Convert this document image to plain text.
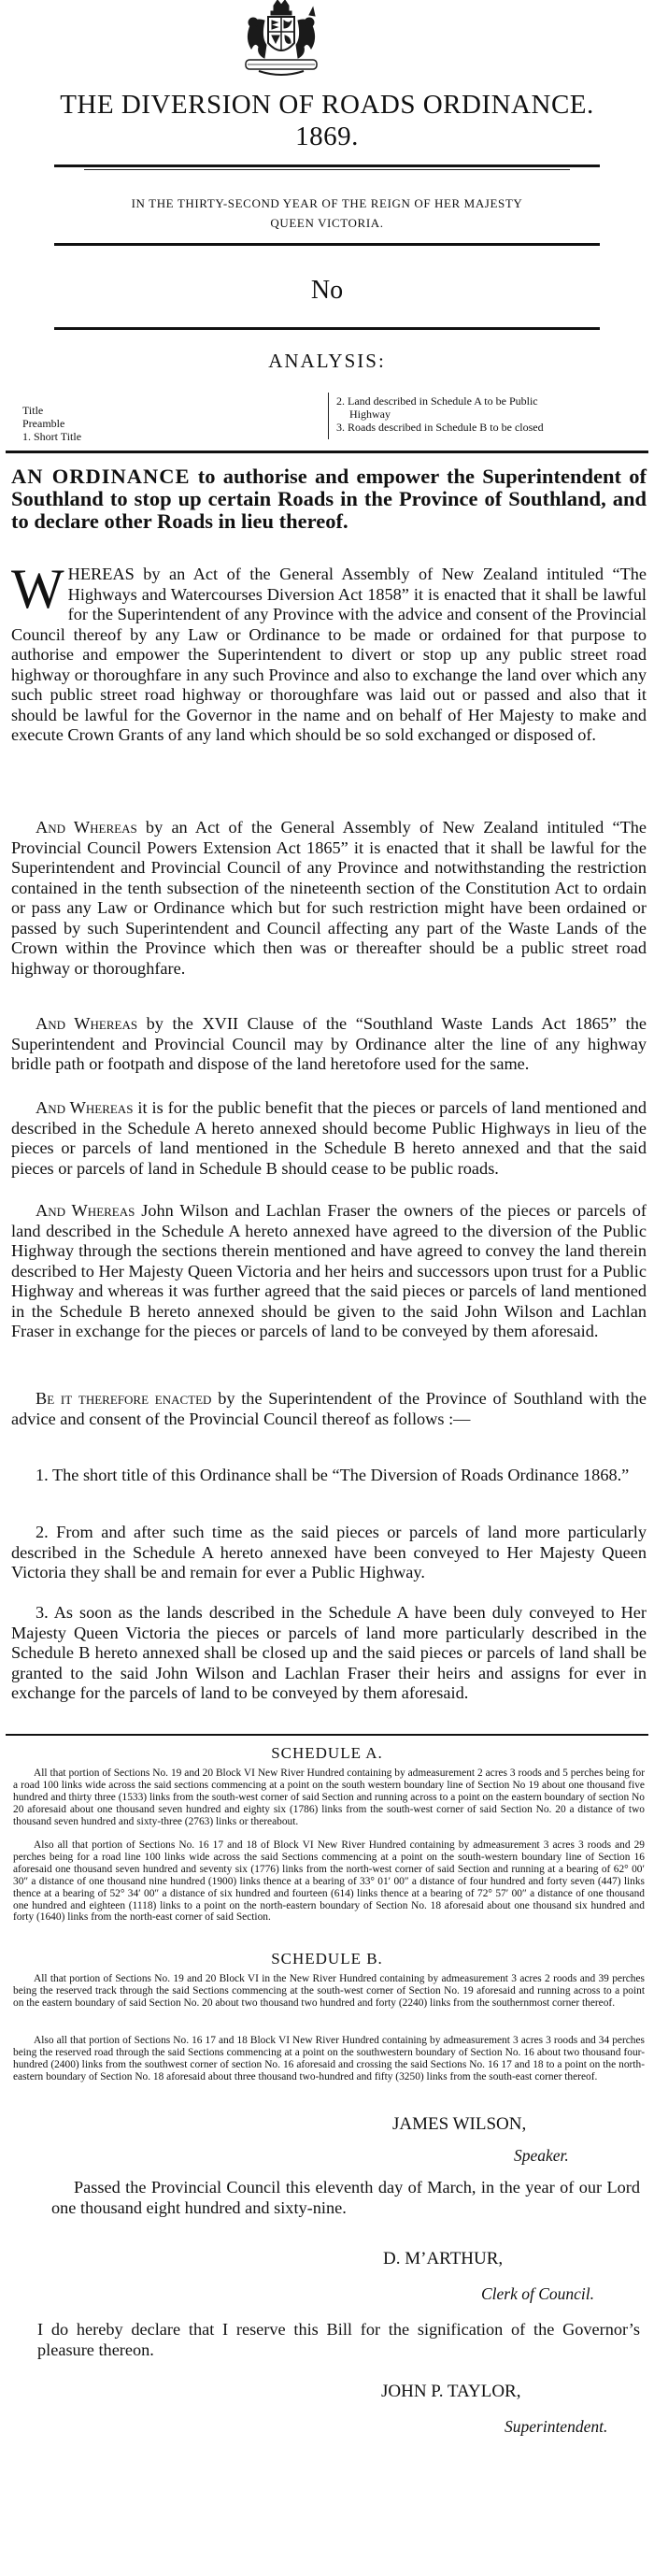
THE DIVERSION OF ROADS ORDINANCE.
1869.
IN THE THIRTY-SECOND YEAR OF THE REIGN OF HER MAJESTY
QUEEN VICTORIA.
No
ANALYSIS:
Title
Preamble
1. Short Title
2. Land described in Schedule A to be Public
Highway
3. Roads described in Schedule B to be closed
AN ORDINANCE to authorise and empower the Superintendent of Southland to stop up certain Roads in the Province of Southland, and to declare other Roads in lieu thereof.

WHEREAS by an Act of the General Assembly of New Zealand intituled “The Highways and Watercourses Diversion Act 1858” it is enacted that it shall be lawful for the Superintendent of any Province with the advice and consent of the Provincial Council thereof by any Law or Ordinance to be made or ordained for that purpose to authorise and empower the Superintendent to divert or stop up any public street road highway or thoroughfare in any such Province and also to exchange the land over which any such public street road highway or thoroughfare was laid out or passed and also that it should be lawful for the Governor in the name and on behalf of Her Majesty to make and execute Crown Grants of any land which should be so sold exchanged or disposed of.

And Whereas by an Act of the General Assembly of New Zealand intituled “The Provincial Council Powers Extension Act 1865” it is enacted that it shall be lawful for the Superintendent and Provincial Council of any Province and notwithstanding the restriction contained in the tenth subsection of the nineteenth section of the Constitution Act to ordain or pass any Law or Ordinance which but for such restriction might have been ordained or passed by such Superintendent and Council affecting any part of the Waste Lands of the Crown within the Province which then was or thereafter should be a public street road highway or thoroughfare.

And Whereas by the XVII Clause of the “Southland Waste Lands Act 1865” the Superintendent and Provincial Council may by Ordinance alter the line of any highway bridle path or footpath and dispose of the land heretofore used for the same.

And Whereas it is for the public benefit that the pieces or parcels of land mentioned and described in the Schedule A hereto annexed should become Public Highways in lieu of the pieces or parcels of land mentioned in the Schedule B hereto annexed and that the said pieces or parcels of land in Schedule B should cease to be public roads.

And Whereas John Wilson and Lachlan Fraser the owners of the pieces or parcels of land described in the Schedule A hereto annexed have agreed to the diversion of the Public Highway through the sections therein mentioned and have agreed to convey the land therein described to Her Majesty Queen Victoria and her heirs and successors upon trust for a Public Highway and whereas it was further agreed that the said pieces or parcels of land mentioned in the Schedule B hereto annexed should be given to the said John Wilson and Lachlan Fraser in exchange for the pieces or parcels of land to be conveyed by them aforesaid.

Be it therefore enacted by the Superintendent of the Province of Southland with the advice and consent of the Provincial Council thereof as follows :—

1. The short title of this Ordinance shall be “The Diversion of Roads Ordinance 1868.”

2. From and after such time as the said pieces or parcels of land more particularly described in the Schedule A hereto annexed have been conveyed to Her Majesty Queen Victoria they shall be and remain for ever a Public Highway.

3. As soon as the lands described in the Schedule A have been duly conveyed to Her Majesty Queen Victoria the pieces or parcels of land more particularly described in the Schedule B hereto annexed shall be closed up and the said pieces or parcels of land shall be granted to the said John Wilson and Lachlan Fraser their heirs and assigns for ever in exchange for the parcels of land to be conveyed by them aforesaid.

SCHEDULE A.

All that portion of Sections No. 19 and 20 Block VI New River Hundred containing by admeasurement 2 acres 3 roods and 5 perches being for a road 100 links wide across the said sections commencing at a point on the south western boundary line of Section No 19 about one thousand five hundred and thirty three (1533) links from the south-west corner of said Section and running across to a point on the eastern boundary of section No 20 aforesaid about one thousand seven hundred and eighty six (1786) links from the south-west corner of said Section No. 20 a distance of two thousand seven hundred and sixty-three (2763) links or thereabout.

Also all that portion of Sections No. 16 17 and 18 of Block VI New River Hundred containing by admeasurement 3 acres 3 roods and 29 perches being for a road line 100 links wide across the said Sections commencing at a point on the south-western boundary line of Section 16 aforesaid one thousand seven hundred and seventy six (1776) links from the north-west corner of said Section and running at a bearing of 62° 00′ 30″ a distance of one thousand nine hundred (1900) links thence at a bearing of 33° 01′ 00″ a distance of four hundred and forty seven (447) links thence at a bearing of 52° 34′ 00″ a distance of six hundred and fourteen (614) links thence at a bearing of 72° 57′ 00″ a distance of one thousand one hundred and eighteen (1118) links to a point on the north-eastern boundary of Section No. 18 aforesaid about one thousand six hundred and forty (1640) links from the north-east corner of said Section.

SCHEDULE B.

All that portion of Sections No. 19 and 20 Block VI in the New River Hundred containing by admeasurement 3 acres 2 roods and 39 perches being the reserved track through the said Sections commencing at the south-west corner of Section No. 19 aforesaid and running across to a point on the eastern boundary of said Section No. 20 about two thousand two hundred and forty (2240) links from the southernmost corner thereof.

Also all that portion of Sections No. 16 17 and 18 Block VI New River Hundred containing by admeasurement 3 acres 3 roods and 34 perches being the reserved road through the said Sections commencing at a point on the southwestern boundary of Section No. 16 about two thousand four-hundred (2400) links from the southwest corner of section No. 16 aforesaid and crossing the said Sections No. 16 17 and 18 to a point on the north-eastern boundary of Section No. 18 aforesaid about three thousand two-hundred and fifty (3250) links from the south-east corner thereof.

JAMES WILSON,
Speaker.

Passed the Provincial Council this eleventh day of March, in the year of our Lord one thousand eight hundred and sixty-nine.

D. M’ARTHUR,
Clerk of Council.

I do hereby declare that I reserve this Bill for the signification of the Governor’s pleasure thereon.

JOHN P. TAYLOR,
Superintendent.
